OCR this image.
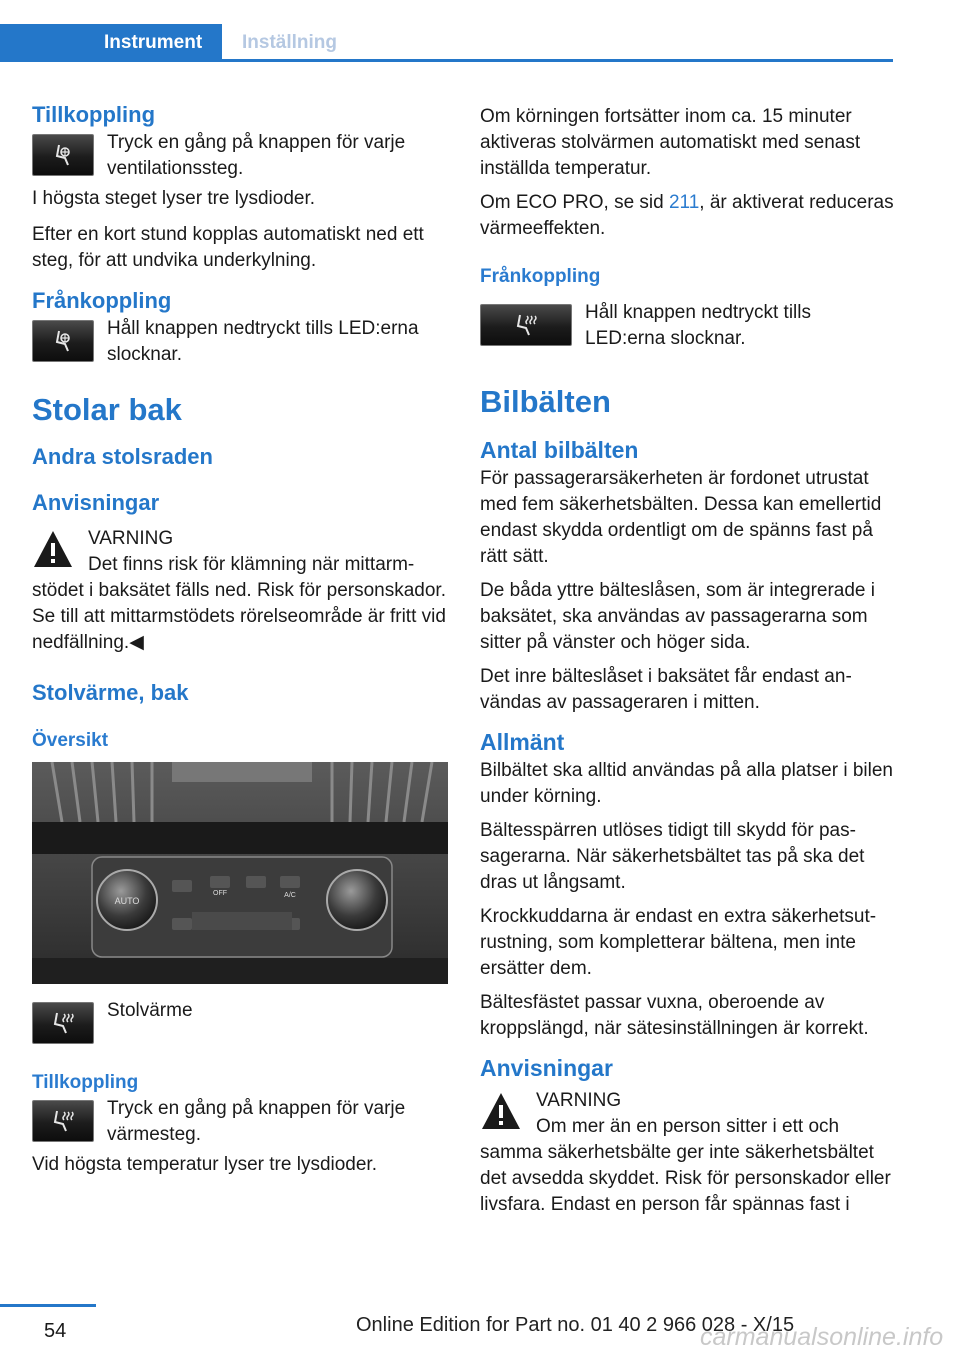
Instrument	Inställning
Tillkoppling
Tryck en gång på knappen för varje ventilationssteg.

I högsta steget lyser tre lysdioder.

Efter en kort stund kopplas automatiskt ned ett steg, för att undvika underkylning.

Frånkoppling
Håll knappen nedtryckt tills LED:erna slocknar.
Stolar bak
Andra stolsraden
Anvisningar
VARNING
Det finns risk för klämning när mittarm-

stödet i baksätet fälls ned. Risk för personskador. Se till att mittarmstödets rörelseområde är fritt vid nedfällning.◀

Stolvärme, bak
Översikt
AUTO
OFF	A/C
Stolvärme
Tillkoppling
Tryck en gång på knappen för varje värmesteg.

Vid högsta temperatur lyser tre lysdioder.

Om körningen fortsätter inom ca. 15 minuter aktiveras stolvärmen automatiskt med senast inställda temperatur.

Om ECO PRO, se sid 211, är aktiverat reduceras värmeeffekten.

Frånkoppling
Håll knappen nedtryckt tills LED:erna slocknar.
Bilbälten
Antal bilbälten

För passagerarsäkerheten är fordonet utrustat med fem säkerhetsbälten. Dessa kan emellertid endast skydda ordentligt om de spänns fast på rätt sätt.

De båda yttre bälteslåsen, som är integrerade i baksätet, ska användas av passagerarna som sitter på vänster och höger sida.

Det inre bälteslåset i baksätet får endast användas av passageraren i mitten.

Allmänt

Bilbältet ska alltid användas på alla platser i bilen under körning.

Bältesspärren utlöses tidigt till skydd för passagerarna. När säkerhetsbältet tas på ska det dras ut långsamt.

Krockkuddarna är endast en extra säkerhetsutrustning, som kompletterar bältena, men inte ersätter dem.

Bältesfästet passar vuxna, oberoende av kroppslängd, när sätesinställningen är korrekt.

Anvisningar
VARNING
Om mer än en person sitter i ett och

samma säkerhetsbälte ger inte säkerhetsbältet det avsedda skyddet. Risk för personskador eller livsfara. Endast en person får spännas fast i

54	Online Edition for Part no. 01 40 2 966 028 - X/15
carmanualsonline.info
